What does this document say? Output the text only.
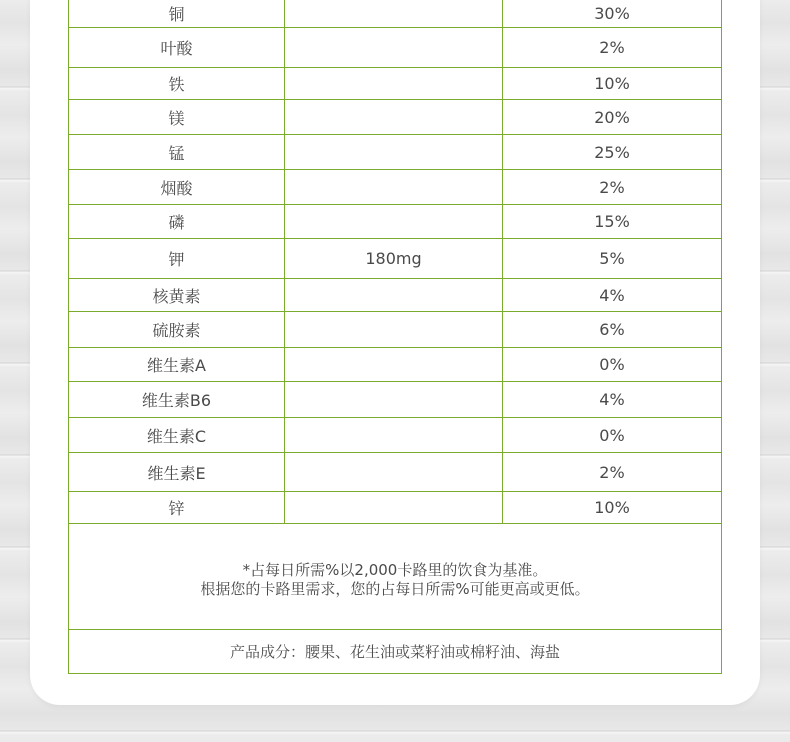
铜		30%
叶酸		2%
铁		10%
镁		20%
锰		25%
烟酸		2%
磷		15%
钾	180mg	5%
核黄素		4%
硫胺素		6%
维生素A		0%
维生素B6		4%
维生素C		0%
维生素E		2%
锌		10%

*占每日所需%以2,000卡路里的饮食为基准。
根据您的卡路里需求，您的占每日所需%可能更高或更低。		

产品成分：腰果、花生油或菜籽油或棉籽油、海盐		
